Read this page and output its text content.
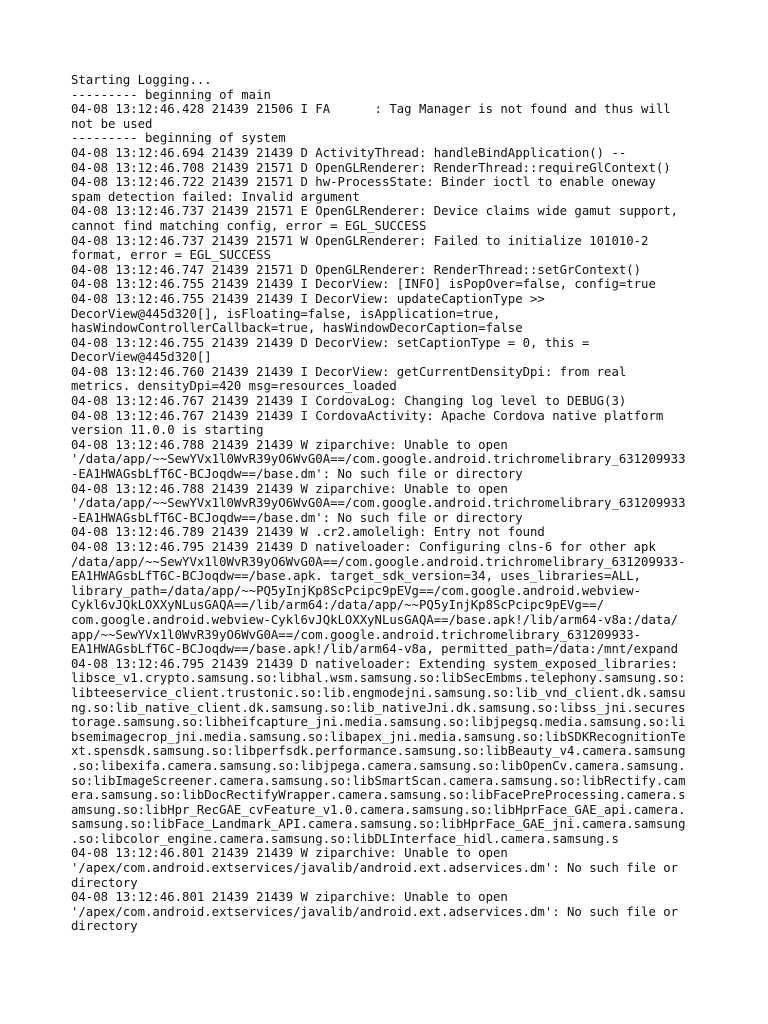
Starting Logging...
--------- beginning of main
04-08 13:12:46.428 21439 21506 I FA      : Tag Manager is not found and thus will
not be used
--------- beginning of system
04-08 13:12:46.694 21439 21439 D ActivityThread: handleBindApplication() --
04-08 13:12:46.708 21439 21571 D OpenGLRenderer: RenderThread::requireGlContext()
04-08 13:12:46.722 21439 21571 D hw-ProcessState: Binder ioctl to enable oneway
spam detection failed: Invalid argument
04-08 13:12:46.737 21439 21571 E OpenGLRenderer: Device claims wide gamut support,
cannot find matching config, error = EGL_SUCCESS
04-08 13:12:46.737 21439 21571 W OpenGLRenderer: Failed to initialize 101010-2
format, error = EGL_SUCCESS
04-08 13:12:46.747 21439 21571 D OpenGLRenderer: RenderThread::setGrContext()
04-08 13:12:46.755 21439 21439 I DecorView: [INFO] isPopOver=false, config=true
04-08 13:12:46.755 21439 21439 I DecorView: updateCaptionType >>
DecorView@445d320[], isFloating=false, isApplication=true,
hasWindowControllerCallback=true, hasWindowDecorCaption=false
04-08 13:12:46.755 21439 21439 D DecorView: setCaptionType = 0, this =
DecorView@445d320[]
04-08 13:12:46.760 21439 21439 I DecorView: getCurrentDensityDpi: from real
metrics. densityDpi=420 msg=resources_loaded
04-08 13:12:46.767 21439 21439 I CordovaLog: Changing log level to DEBUG(3)
04-08 13:12:46.767 21439 21439 I CordovaActivity: Apache Cordova native platform
version 11.0.0 is starting
04-08 13:12:46.788 21439 21439 W ziparchive: Unable to open
'/data/app/~~SewYVx1l0WvR39yO6WvG0A==/com.google.android.trichromelibrary_631209933
-EA1HWAGsbLfT6C-BCJoqdw==/base.dm': No such file or directory
04-08 13:12:46.788 21439 21439 W ziparchive: Unable to open
'/data/app/~~SewYVx1l0WvR39yO6WvG0A==/com.google.android.trichromelibrary_631209933
-EA1HWAGsbLfT6C-BCJoqdw==/base.dm': No such file or directory
04-08 13:12:46.789 21439 21439 W .cr2.amoleligh: Entry not found
04-08 13:12:46.795 21439 21439 D nativeloader: Configuring clns-6 for other apk
/data/app/~~SewYVx1l0WvR39yO6WvG0A==/com.google.android.trichromelibrary_631209933-
EA1HWAGsbLfT6C-BCJoqdw==/base.apk. target_sdk_version=34, uses_libraries=ALL,
library_path=/data/app/~~PQ5yInjKp8ScPcipc9pEVg==/com.google.android.webview-
Cykl6vJQkLOXXyNLusGAQA==/lib/arm64:/data/app/~~PQ5yInjKp8ScPcipc9pEVg==/
com.google.android.webview-Cykl6vJQkLOXXyNLusGAQA==/base.apk!/lib/arm64-v8a:/data/
app/~~SewYVx1l0WvR39yO6WvG0A==/com.google.android.trichromelibrary_631209933-
EA1HWAGsbLfT6C-BCJoqdw==/base.apk!/lib/arm64-v8a, permitted_path=/data:/mnt/expand
04-08 13:12:46.795 21439 21439 D nativeloader: Extending system_exposed_libraries:
libsce_v1.crypto.samsung.so:libhal.wsm.samsung.so:libSecEmbms.telephony.samsung.so:
libteeservice_client.trustonic.so:lib.engmodejni.samsung.so:lib_vnd_client.dk.samsu
ng.so:lib_native_client.dk.samsung.so:lib_nativeJni.dk.samsung.so:libss_jni.secures
torage.samsung.so:libheifcapture_jni.media.samsung.so:libjpegsq.media.samsung.so:li
bsemimagecrop_jni.media.samsung.so:libapex_jni.media.samsung.so:libSDKRecognitionTe
xt.spensdk.samsung.so:libperfsdk.performance.samsung.so:libBeauty_v4.camera.samsung
.so:libexifa.camera.samsung.so:libjpega.camera.samsung.so:libOpenCv.camera.samsung.
so:libImageScreener.camera.samsung.so:libSmartScan.camera.samsung.so:libRectify.cam
era.samsung.so:libDocRectifyWrapper.camera.samsung.so:libFacePreProcessing.camera.s
amsung.so:libHpr_RecGAE_cvFeature_v1.0.camera.samsung.so:libHprFace_GAE_api.camera.
samsung.so:libFace_Landmark_API.camera.samsung.so:libHprFace_GAE_jni.camera.samsung
.so:libcolor_engine.camera.samsung.so:libDLInterface_hidl.camera.samsung.s
04-08 13:12:46.801 21439 21439 W ziparchive: Unable to open
'/apex/com.android.extservices/javalib/android.ext.adservices.dm': No such file or
directory
04-08 13:12:46.801 21439 21439 W ziparchive: Unable to open
'/apex/com.android.extservices/javalib/android.ext.adservices.dm': No such file or
directory
